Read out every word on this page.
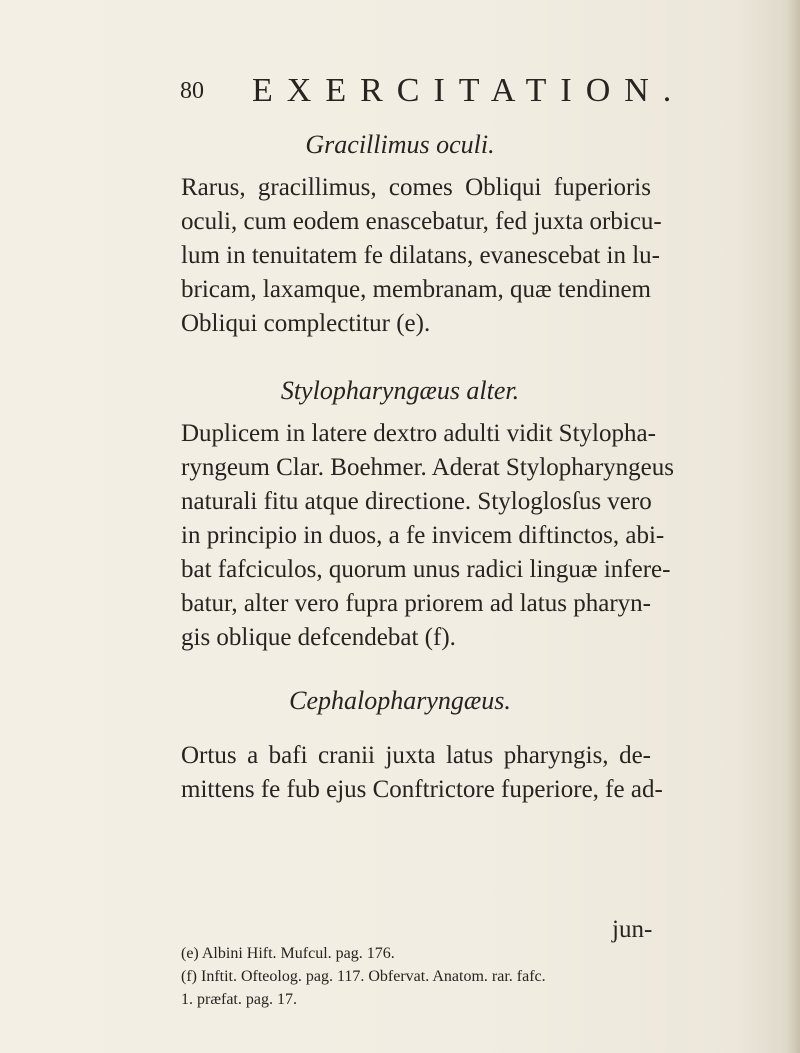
80 EXERCITATION.
Gracillimus oculi.
Rarus, gracillimus, comes Obliqui fuperioris
oculi, cum eodem enascebatur, fed juxta orbicu-
lum in tenuitatem fe dilatans, evanescebat in lu-
bricam, laxamque, membranam, quæ tendinem
Obliqui complectitur (e).
Stylopharyngæus alter.
Duplicem in latere dextro adulti vidit Stylopha-
ryngeum Clar. Boehmer. Aderat Stylopharyngeus
naturali fitu atque directione. Styloglosſus vero
in principio in duos, a fe invicem diftinctos, abi-
bat fafciculos, quorum unus radici linguæ infere-
batur, alter vero fupra priorem ad latus pharyn-
gis oblique defcendebat (f).
Cephalopharyngæus.
Ortus a bafi cranii juxta latus pharyngis, de-
mittens fe fub ejus Conftrictore fuperiore, fe ad-
jun-
(e) Albini Hift. Mufcul. pag. 176.
(f) Inftit. Ofteolog. pag. 117. Obfervat. Anatom. rar. fafc.
1. præfat. pag. 17.
